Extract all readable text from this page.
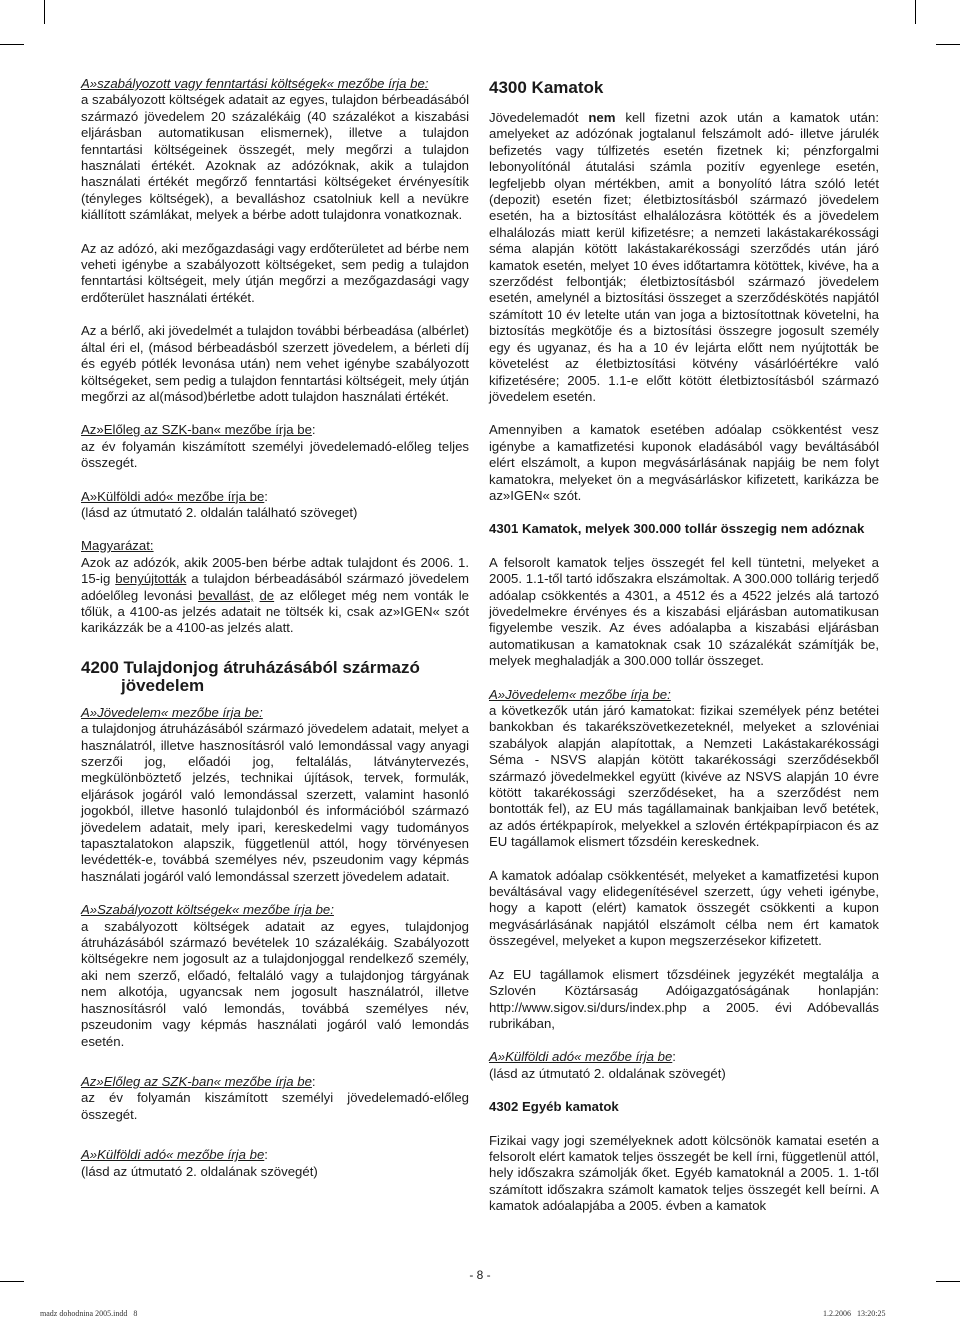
A»szabályozott vagy fenntartási költségek« mezőbe írja be:
a szabályozott költségek adatait az egyes, tulajdon bérbeadásából származó jövedelem 20 százalékáig (40 százalékot a kiszabási eljárásban automatikusan elismernek), illetve a tulajdon fenntartási költségeinek összegét, mely megőrzi a tulajdon használati értékét. Azoknak az adózóknak, akik a tulajdon használati értékét megőrző fenntartási költségeket érvényesítik (tényleges költségek), a bevalláshoz csatolniuk kell a nevükre kiállított számlákat, melyek a bérbe adott tulajdonra vonatkoznak.

Az az adózó, aki mezőgazdasági vagy erdőterületet ad bérbe nem veheti igénybe a szabályozott költségeket, sem pedig a tulajdon fenntartási költségeit, mely útján megőrzi a mezőgazdasági vagy erdőterület használati értékét.

Az a bérlő, aki jövedelmét a tulajdon további bérbeadása (albérlet) által éri el, (másod bérbeadásból szerzett jövedelem, a bérleti díj és egyéb pótlék levonása után) nem vehet igénybe szabályozott költségeket, sem pedig a tulajdon fenntartási költségeit, mely útján megőrzi az al(másod)bérletbe adott tulajdon használati értékét.

Az»Előleg az SZK-ban« mezőbe írja be:
az év folyamán kiszámított személyi jövedelemadó-előleg teljes összegét.

A»Külföldi adó« mezőbe írja be:
(lásd az útmutató 2. oldalán található szöveget)

Magyarázat:
Azok az adózók, akik 2005-ben bérbe adtak tulajdont és 2006. 1. 15-ig benyújtották a tulajdon bérbeadásából származó jövedelem adóelőleg levonási bevallást, de az előleget még nem vonták le tőlük, a 4100-as jelzés adatait ne töltsék ki, csak az»IGEN« szót karikázzák be a 4100-as jelzés alatt.

4200 Tulajdonjog átruházásából származó
jövedelem

A»Jövedelem« mezőbe írja be:
a tulajdonjog átruházásából származó jövedelem adatait, melyet a használatról, illetve hasznosításról való lemondással vagy anyagi szerzői jog, előadói jog, feltalálás, látványtervezés, megkülönböztető jelzés, technikai újítások, tervek, formulák, eljárások jogáról való lemondással szerzett, valamint hasonló jogokból, illetve hasonló tulajdonból és információból származó jövedelem adatait, mely ipari, kereskedelmi vagy tudományos tapasztalatokon alapszik, függetlenül attól, hogy törvényesen levédették-e, továbbá személyes név, pszeudonim vagy képmás használati jogáról való lemondással szerzett jövedelem adatait.

A»Szabályozott költségek« mezőbe írja be:
a szabályozott költségek adatait az egyes, tulajdonjog átruházásából származó bevételek 10 százalékáig. Szabályozott költségekre nem jogosult az a tulajdonjoggal rendelkező személy, aki nem szerző, előadó, feltaláló vagy a tulajdonjog tárgyának nem alkotója, ugyancsak nem jogosult használatról, illetve hasznosításról való lemondás, továbbá személyes név, pszeudonim vagy képmás használati jogáról való lemondás esetén.

Az»Előleg az SZK-ban« mezőbe írja be:
az év folyamán kiszámított személyi jövedelemadó-előleg összegét.

A»Külföldi adó« mezőbe írja be:
(lásd az útmutató 2. oldalának szövegét)

4300 Kamatok

Jövedelemadót nem kell fizetni azok után a kamatok után: amelyeket az adózónak jogtalanul felszámolt adó- illetve járulék befizetés vagy túlfizetés esetén fizetnek ki; pénzforgalmi lebonyolítónál átutalási számla pozitív egyenlege esetén, legfeljebb olyan mértékben, amit a bonyolító látra szóló letét (depozit) esetén fizet; életbiztosításból származó jövedelem esetén, ha a biztosítást elhalálozásra kötötték és a jövedelem elhalálozás miatt kerül kifizetésre; a nemzeti lakástakarékossági séma alapján kötött lakástakarékossági szerződés után járó kamatok esetén, melyet 10 éves időtartamra kötöttek, kivéve, ha a szerződést felbontják; életbiztosításból származó jövedelem esetén, amelynél a biztosítási összeget a szerződéskötés napjától számított 10 év letelte után van joga a biztosítottnak követelni, ha biztosítás megkötője és a biztosítási összegre jogosult személy egy és ugyanaz, és ha a 10 év lejárta előtt nem nyújtották be követelést az életbiztosítási kötvény vásárlóértékre való kifizetésére; 2005. 1.1-e előtt kötött életbiztosításból származó jövedelem esetén.

Amennyiben a kamatok esetében adóalap csökkentést vesz igénybe a kamatfizetési kuponok eladásából vagy beváltásából elért elszámolt, a kupon megvásárlásának napjáig be nem folyt kamatokra, melyeket ön a megvásárláskor kifizetett, karikázza be az»IGEN« szót.

4301 Kamatok, melyek 300.000 tollár összegig nem adóznak

A felsorolt kamatok teljes összegét fel kell tüntetni, melyeket a 2005. 1.1-től tartó időszakra elszámoltak. A 300.000 tollárig terjedő adóalap csökkentés a 4301, a 4512 és a 4522 jelzés alá tartozó jövedelmekre érvényes és a kiszabási eljárásban automatikusan figyelembe veszik. Az éves adóalapba a kiszabási eljárásban automatikusan a kamatoknak csak 10 százalékát számítják be, melyek meghaladják a 300.000 tollár összeget.

A»Jövedelem« mezőbe írja be:
a következők után járó kamatokat: fizikai személyek pénz betétei bankokban és takarékszövetkezeteknél, melyeket a szlovéniai szabályok alapján alapítottak, a Nemzeti Lakástakarékossági Séma - NSVS alapján kötött takarékossági szerződésekből származó jövedelmekkel együtt (kivéve az NSVS alapján 10 évre kötött takarékossági szerződéseket, ha a szerződést nem bontották fel), az EU más tagállamainak bankjaiban levő betétek, az adós értékpapírok, melyekkel a szlovén értékpapírpiacon és az EU tagállamok elismert tőzsdéin kereskednek.

A kamatok adóalap csökkentését, melyeket a kamatfizetési kupon beváltásával vagy elidegenítésével szerzett, úgy veheti igénybe, hogy a kapott (elért) kamatok összegét csökkenti a kupon megvásárlásának napjától elszámolt célba nem ért kamatok összegével, melyeket a kupon megszerzésekor kifizetett.

Az EU tagállamok elismert tőzsdéinek jegyzékét megtalálja a Szlovén Köztársaság Adóigazgatóságának honlapján: http://www.sigov.si/durs/index.php a 2005. évi Adóbevallás rubrikában,

A»Külföldi adó« mezőbe írja be:
(lásd az útmutató 2. oldalának szövegét)

4302 Egyéb kamatok

Fizikai vagy jogi személyeknek adott kölcsönök kamatai esetén a felsorolt elért kamatok teljes összegét be kell írni, függetlenül attól, hely időszakra számolják őket. Egyéb kamatoknál a 2005. 1. 1-től számított időszakra számolt kamatok teljes összegét kell beírni. A kamatok adóalapjába a 2005. évben a kamatok

- 8 -
madz dohodnina 2005.indd   8	1.2.2006   13:20:25
